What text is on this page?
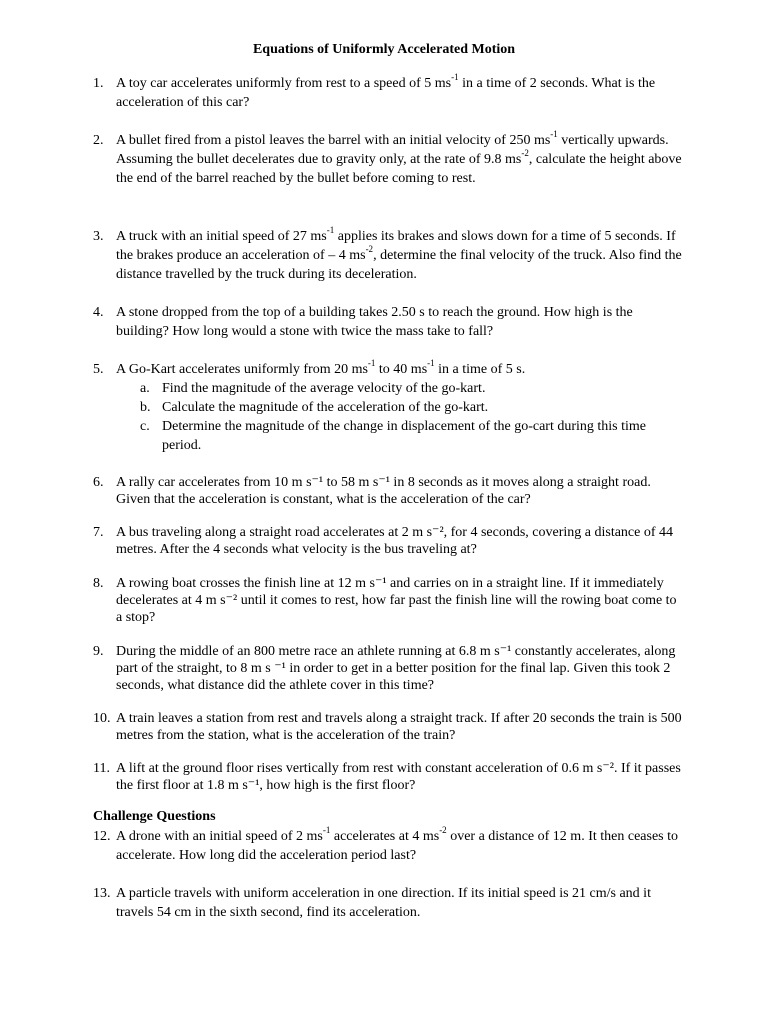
Equations of Uniformly Accelerated Motion
1. A toy car accelerates uniformly from rest to a speed of 5 $ms^{-1}$ in a time of 2 seconds. What is the acceleration of this car?
2. A bullet fired from a pistol leaves the barrel with an initial velocity of 250 $ms^{-1}$ vertically upwards. Assuming the bullet decelerates due to gravity only, at the rate of 9.8 $ms^{-2}$, calculate the height above the end of the barrel reached by the bullet before coming to rest.
3. A truck with an initial speed of 27 $ms^{-1}$ applies its brakes and slows down for a time of 5 seconds. If the brakes produce an acceleration of – 4 $ms^{-2}$, determine the final velocity of the truck. Also find the distance travelled by the truck during its deceleration.
4. A stone dropped from the top of a building takes 2.50 s to reach the ground. How high is the building? How long would a stone with twice the mass take to fall?
5. A Go-Kart accelerates uniformly from 20 $ms^{-1}$ to 40 $ms^{-1}$ in a time of 5 s.
a. Find the magnitude of the average velocity of the go-kart.
b. Calculate the magnitude of the acceleration of the go-kart.
c. Determine the magnitude of the change in displacement of the go-cart during this time period.
6. A rally car accelerates from 10 m s⁻¹ to 58 m s⁻¹ in 8 seconds as it moves along a straight road. Given that the acceleration is constant, what is the acceleration of the car?
7. A bus traveling along a straight road accelerates at 2 m s⁻², for 4 seconds, covering a distance of 44 metres. After the 4 seconds what velocity is the bus traveling at?
8. A rowing boat crosses the finish line at 12 m s⁻¹ and carries on in a straight line. If it immediately decelerates at 4 m s⁻² until it comes to rest, how far past the finish line will the rowing boat come to a stop?
9. During the middle of an 800 metre race an athlete running at 6.8 m s⁻¹ constantly accelerates, along part of the straight, to 8 m s ⁻¹ in order to get in a better position for the final lap. Given this took 2 seconds, what distance did the athlete cover in this time?
10. A train leaves a station from rest and travels along a straight track. If after 20 seconds the train is 500 metres from the station, what is the acceleration of the train?
11. A lift at the ground floor rises vertically from rest with constant acceleration of 0.6 m s⁻². If it passes the first floor at 1.8 m s⁻¹, how high is the first floor?
Challenge Questions
12. A drone with an initial speed of 2 $ms^{-1}$ accelerates at 4 $ms^{-2}$ over a distance of 12 m. It then ceases to accelerate. How long did the acceleration period last?
13. A particle travels with uniform acceleration in one direction. If its initial speed is 21 cm/s and it travels 54 cm in the sixth second, find its acceleration.
